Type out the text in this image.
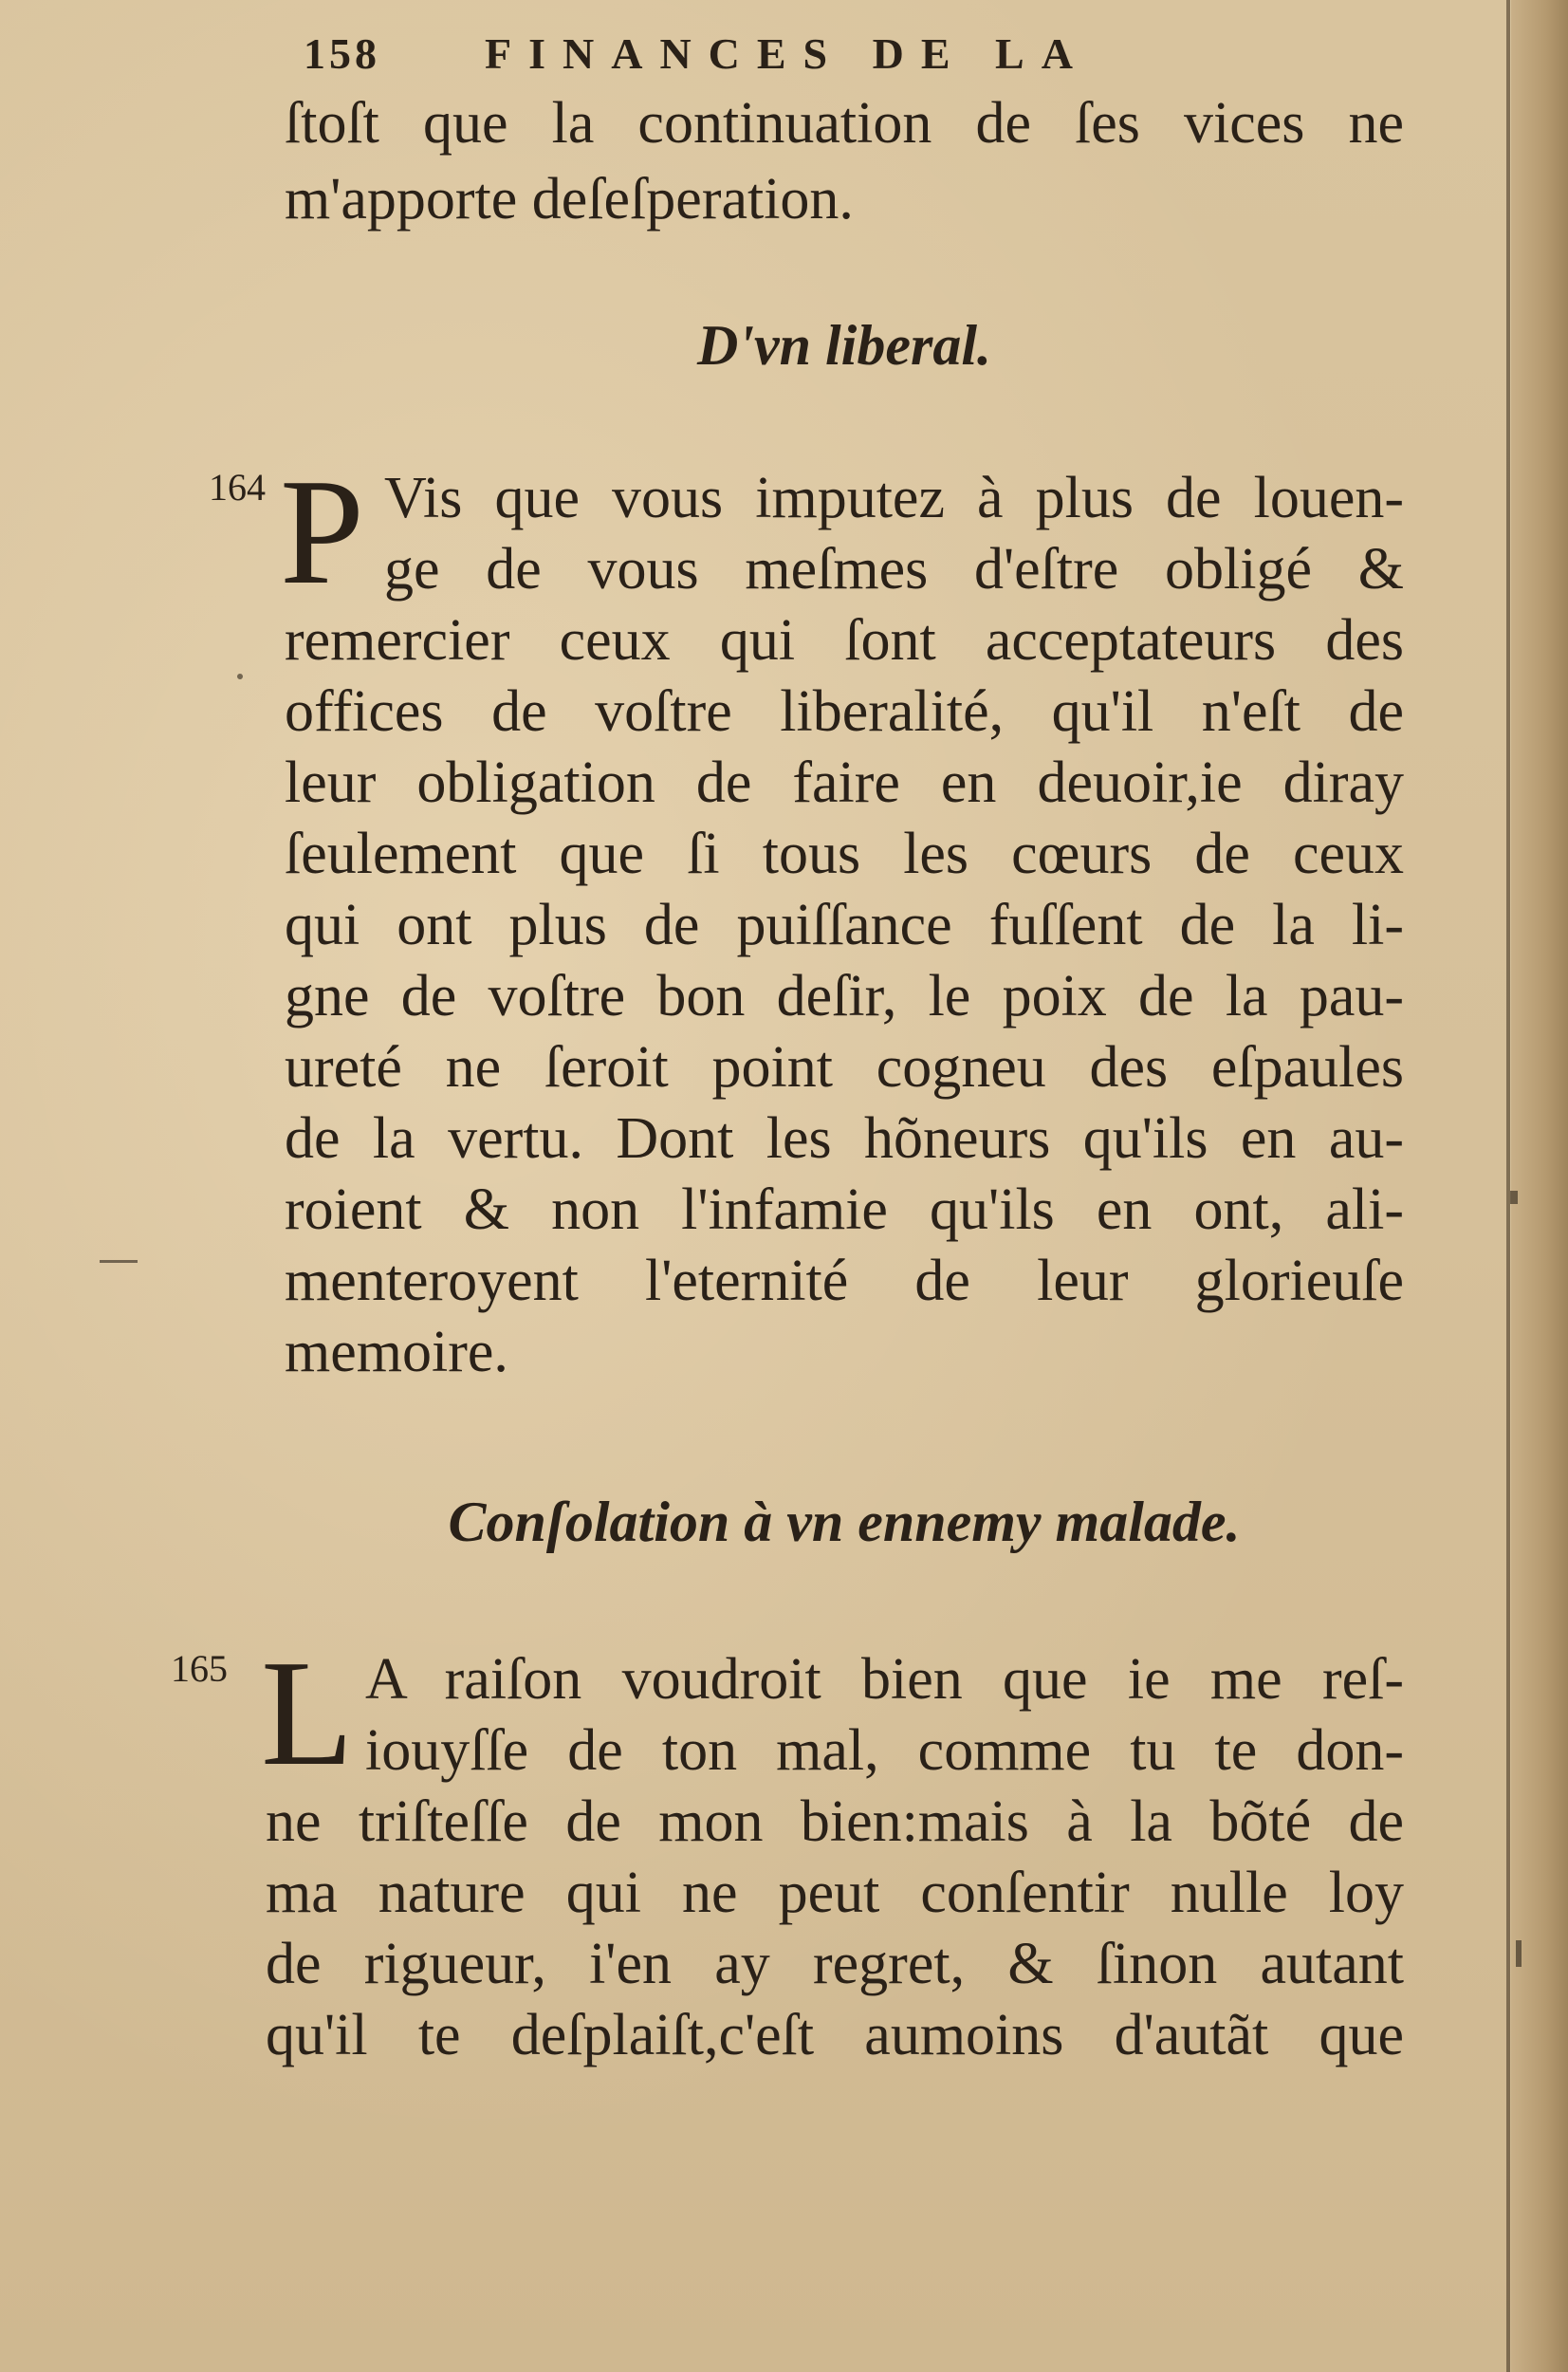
158 FINANCES DE LA
ſtoſt que la continuation de ſes vices ne
m'apporte deſeſperation.
D'vn liberal.
164 P Vis que vous imputez à plus de louen-
ge de vous meſmes d'eſtre obligé &
remercier ceux qui ſont acceptateurs des
offices de voſtre liberalité, qu'il n'eſt de
leur obligation de faire en deuoir,ie diray
ſeulement que ſi tous les cœurs de ceux
qui ont plus de puiſſance fuſſent de la li-
gne de voſtre bon deſir, le poix de la pau-
ureté ne ſeroit point cogneu des eſpaules
de la vertu. Dont les hõneurs qu'ils en au-
roient & non l'infamie qu'ils en ont, ali-
menteroyent l'eternité de leur glorieuſe
memoire.
Conſolation à vn ennemy malade.
165 L A raiſon voudroit bien que ie me reſ-
iouyſſe de ton mal, comme tu te don-
ne triſteſſe de mon bien:mais à la bõté de
ma nature qui ne peut conſentir nulle loy
de rigueur, i'en ay regret, & ſinon autant
qu'il te deſplaiſt,c'eſt aumoins d'autãt que
